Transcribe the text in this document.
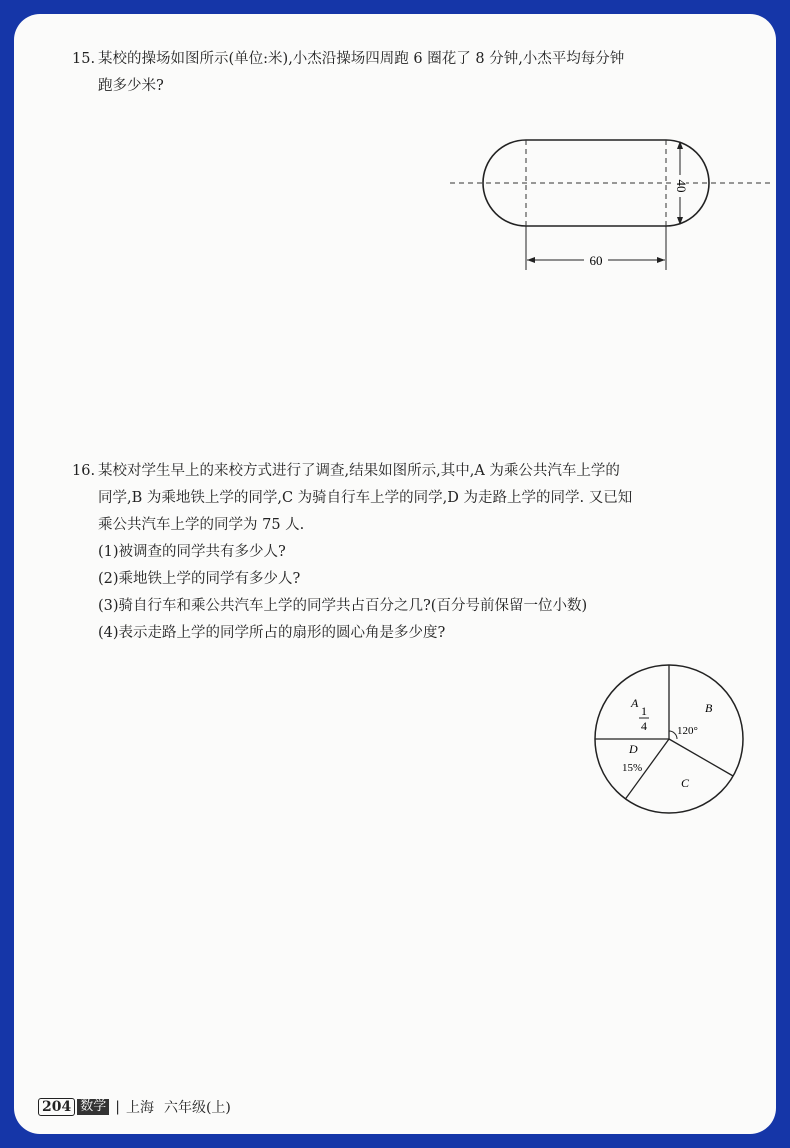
15. 某校的操场如图所示(单位:米),小杰沿操场四周跑 6 圈花了 8 分钟,小杰平均每分钟
跑多少米?
40
60
16. 某校对学生早上的来校方式进行了调查,结果如图所示,其中,A 为乘公共汽车上学的
同学,B 为乘地铁上学的同学,C 为骑自行车上学的同学,D 为走路上学的同学. 又已知
乘公共汽车上学的同学为 75 人.
(1)被调查的同学共有多少人?
(2)乘地铁上学的同学有多少人?
(3)骑自行车和乘公共汽车上学的同学共占百分之几?(百分号前保留一位小数)
(4)表示走路上学的同学所占的扇形的圆心角是多少度?
A
1
4
B
120°
C
D
15%
204 数学 | 上海 六年级(上)
